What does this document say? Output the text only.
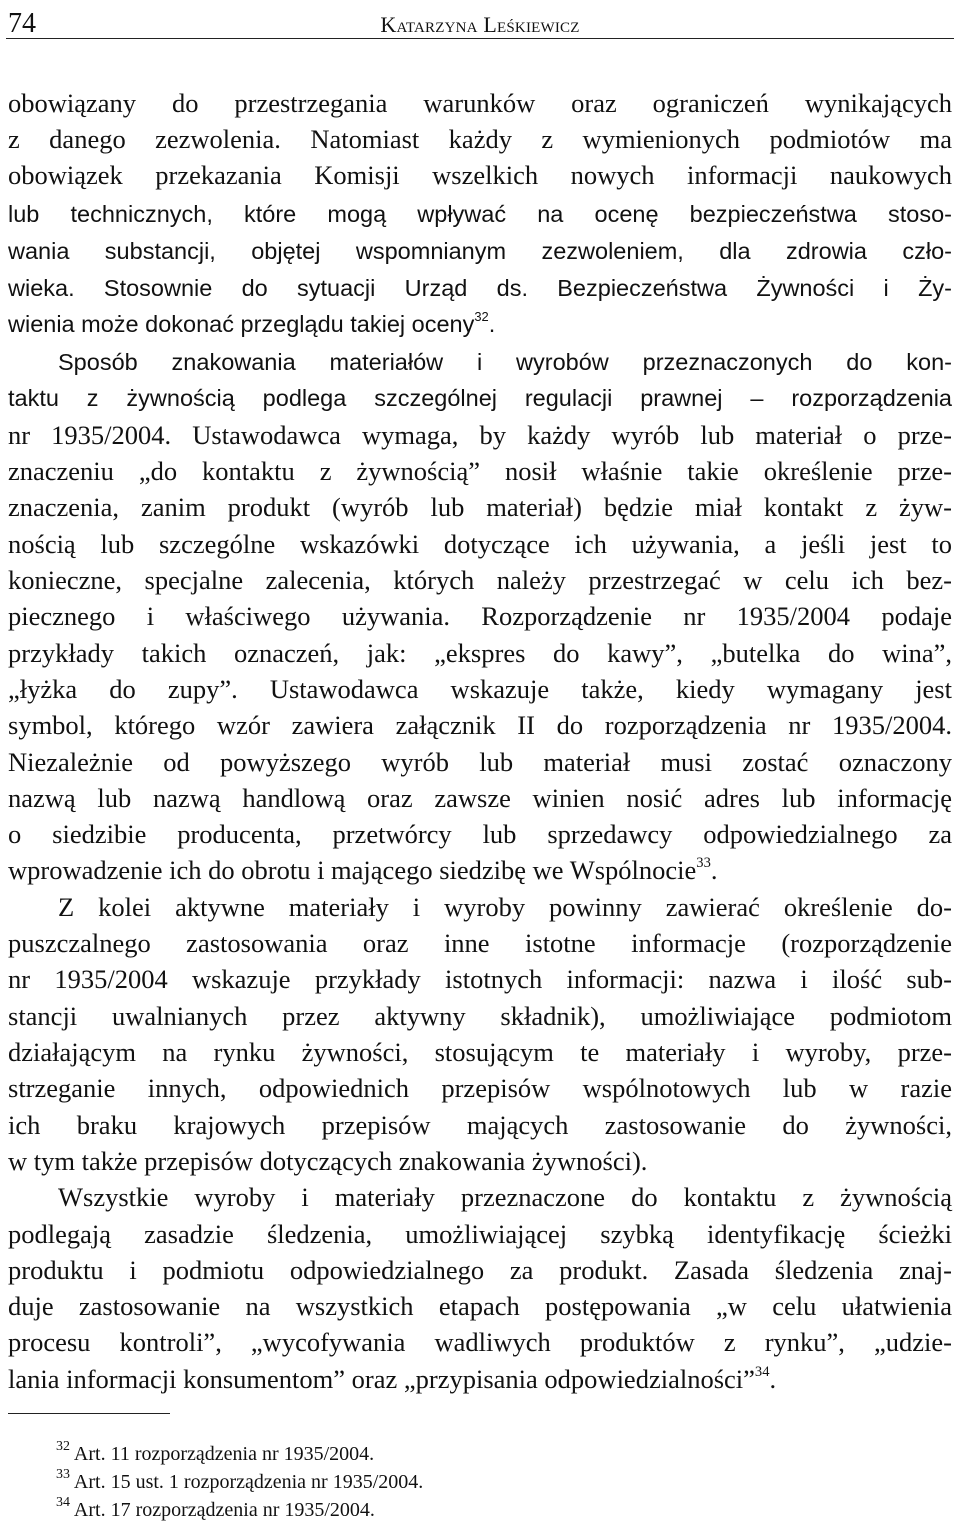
74	Katarzyna Leśkiewicz
obowiązany do przestrzegania warunków oraz ograniczeń wynikających
z danego zezwolenia. Natomiast każdy z wymienionych podmiotów ma
obowiązek przekazania Komisji wszelkich nowych informacji naukowych
lub technicznych, które mogą wpływać na ocenę bezpieczeństwa stoso-
wania substancji, objętej wspomnianym zezwoleniem, dla zdrowia czło-
wieka. Stosownie do sytuacji Urząd ds. Bezpieczeństwa Żywności i Ży-
wienia może dokonać przeglądu takiej oceny$^{32}$.
Sposób znakowania materiałów i wyrobów przeznaczonych do kon-
taktu z żywnością podlega szczególnej regulacji prawnej – rozporządzenia
nr 1935/2004. Ustawodawca wymaga, by każdy wyrób lub materiał o prze-
znaczeniu „do kontaktu z żywnością” nosił właśnie takie określenie prze-
znaczenia, zanim produkt (wyrób lub materiał) będzie miał kontakt z żyw-
nością lub szczególne wskazówki dotyczące ich używania, a jeśli jest to
konieczne, specjalne zalecenia, których należy przestrzegać w celu ich bez-
piecznego i właściwego używania. Rozporządzenie nr 1935/2004 podaje
przykłady takich oznaczeń, jak: „ekspres do kawy”, „butelka do wina”,
„łyżka do zupy”. Ustawodawca wskazuje także, kiedy wymagany jest
symbol, którego wzór zawiera załącznik II do rozporządzenia nr 1935/2004.
Niezależnie od powyższego wyrób lub materiał musi zostać oznaczony
nazwą lub nazwą handlową oraz zawsze winien nosić adres lub informację
o siedzibie producenta, przetwórcy lub sprzedawcy odpowiedzialnego za
wprowadzenie ich do obrotu i mającego siedzibę we Wspólnocie$^{33}$.
Z kolei aktywne materiały i wyroby powinny zawierać określenie do-
puszczalnego zastosowania oraz inne istotne informacje (rozporządzenie
nr 1935/2004 wskazuje przykłady istotnych informacji: nazwa i ilość sub-
stancji uwalnianych przez aktywny składnik), umożliwiające podmiotom
działającym na rynku żywności, stosującym te materiały i wyroby, prze-
strzeganie innych, odpowiednich przepisów wspólnotowych lub w razie
ich braku krajowych przepisów mających zastosowanie do żywności,
w tym także przepisów dotyczących znakowania żywności).
Wszystkie wyroby i materiały przeznaczone do kontaktu z żywnością
podlegają zasadzie śledzenia, umożliwiającej szybką identyfikację ścieżki
produktu i podmiotu odpowiedzialnego za produkt. Zasada śledzenia znaj-
duje zastosowanie na wszystkich etapach postępowania „w celu ułatwienia
procesu kontroli”, „wycofywania wadliwych produktów z rynku”, „udzie-
lania informacji konsumentom” oraz „przypisania odpowiedzialności”$^{34}$.
$^{32}$ Art. 11 rozporządzenia nr 1935/2004.
$^{33}$ Art. 15 ust. 1 rozporządzenia nr 1935/2004.
$^{34}$ Art. 17 rozporządzenia nr 1935/2004.
